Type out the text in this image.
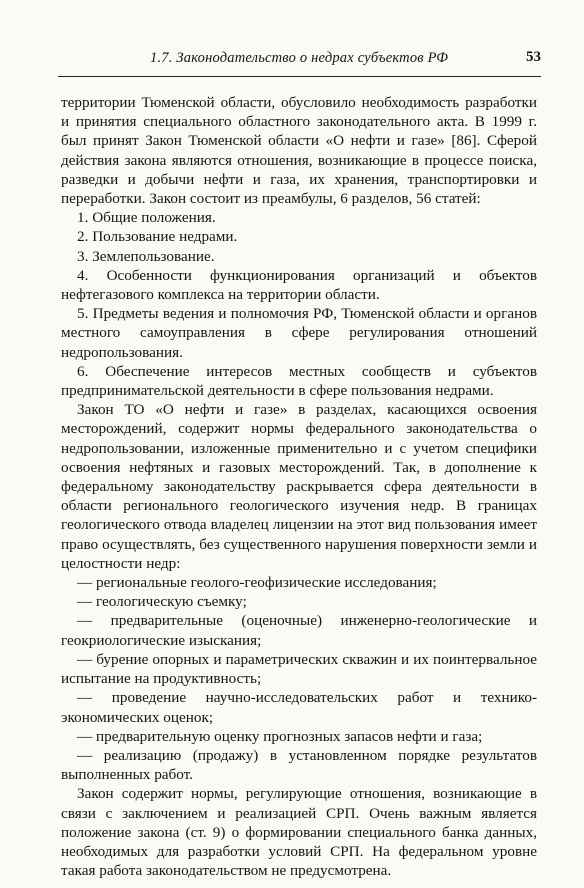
1.7. Законодательство о недрах субъектов РФ	53

территории Тюменской области, обусловило необходимость разработки и принятия специального областного законодательного акта. В 1999 г. был принят Закон Тюменской области «О нефти и газе» [86]. Сферой действия закона являются отношения, возникающие в процессе поиска, разведки и добычи нефти и газа, их хранения, транспортировки и переработки. Закон состоит из преамбулы, 6 разделов, 56 статей:

1. Общие положения.

2. Пользование недрами.

3. Землепользование.

4. Особенности функционирования организаций и объектов нефтегазового комплекса на территории области.

5. Предметы ведения и полномочия РФ, Тюменской области и органов местного самоуправления в сфере регулирования отношений недропользования.

6. Обеспечение интересов местных сообществ и субъектов предпринимательской деятельности в сфере пользования недрами.

Закон ТО «О нефти и газе» в разделах, касающихся освоения месторождений, содержит нормы федерального законодательства о недропользовании, изложенные применительно и с учетом специфики освоения нефтяных и газовых месторождений. Так, в дополнение к федеральному законодательству раскрывается сфера деятельности в области регионального геологического изучения недр. В границах геологического отвода владелец лицензии на этот вид пользования имеет право осуществлять, без существенного нарушения поверхности земли и целостности недр:

— региональные геолого-геофизические исследования;

— геологическую съемку;

— предварительные (оценочные) инженерно-геологические и геокриологические изыскания;

— бурение опорных и параметрических скважин и их поинтервальное испытание на продуктивность;

— проведение научно-исследовательских работ и технико-экономических оценок;

— предварительную оценку прогнозных запасов нефти и газа;

— реализацию (продажу) в установленном порядке результатов выполненных работ.

Закон содержит нормы, регулирующие отношения, возникающие в связи с заключением и реализацией СРП. Очень важным является положение закона (ст. 9) о формировании специального банка данных, необходимых для разработки условий СРП. На федеральном уровне такая работа законодательством не предусмотрена.
